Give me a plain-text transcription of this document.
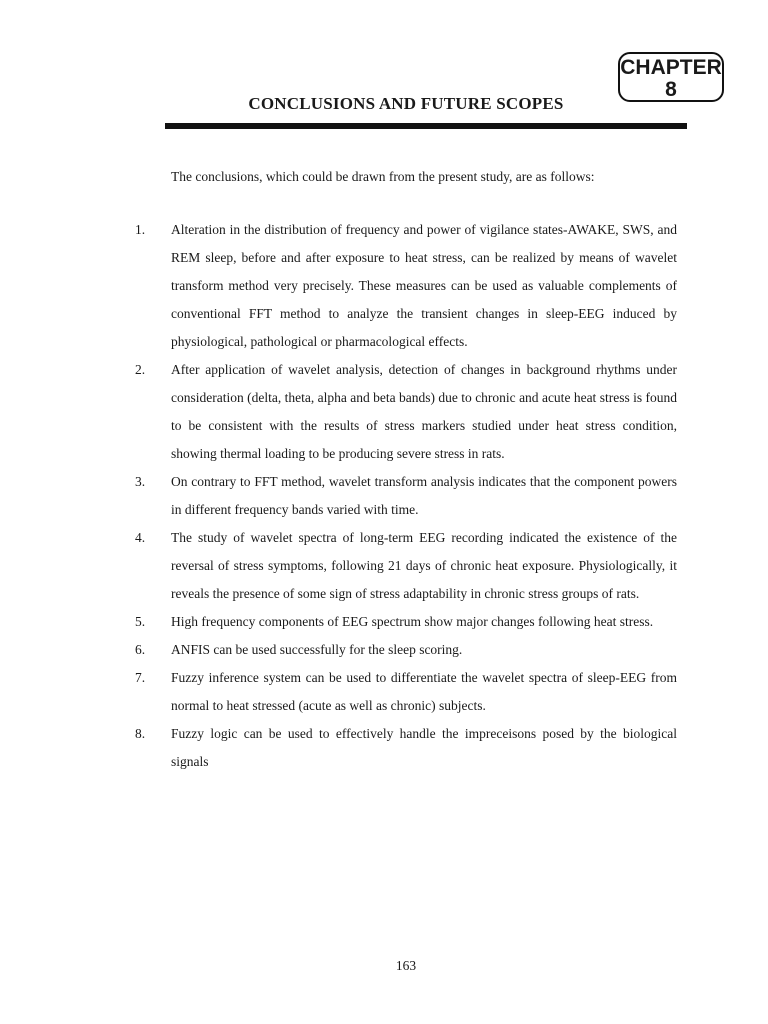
CHAPTER
8
CONCLUSIONS AND FUTURE SCOPES
The conclusions, which could be drawn from the present study, are as follows:
1. Alteration in the distribution of frequency and power of vigilance states-AWAKE, SWS, and REM sleep, before and after exposure to heat stress, can be realized by means of wavelet transform method very precisely. These measures can be used as valuable complements of conventional FFT method to analyze the transient changes in sleep-EEG induced by physiological, pathological or pharmacological effects.
2. After application of wavelet analysis, detection of changes in background rhythms under consideration (delta, theta, alpha and beta bands) due to chronic and acute heat stress is found to be consistent with the results of stress markers studied under heat stress condition, showing thermal loading to be producing severe stress in rats.
3. On contrary to FFT method, wavelet transform analysis indicates that the component powers in different frequency bands varied with time.
4. The study of wavelet spectra of long-term EEG recording indicated the existence of the reversal of stress symptoms, following 21 days of chronic heat exposure. Physiologically, it reveals the presence of some sign of stress adaptability in chronic stress groups of rats.
5. High frequency components of EEG spectrum show major changes following heat stress.
6. ANFIS can be used successfully for the sleep scoring.
7. Fuzzy inference system can be used to differentiate the wavelet spectra of sleep-EEG from normal to heat stressed (acute as well as chronic) subjects.
8. Fuzzy logic can be used to effectively handle the impreceisons posed by the biological signals
163
